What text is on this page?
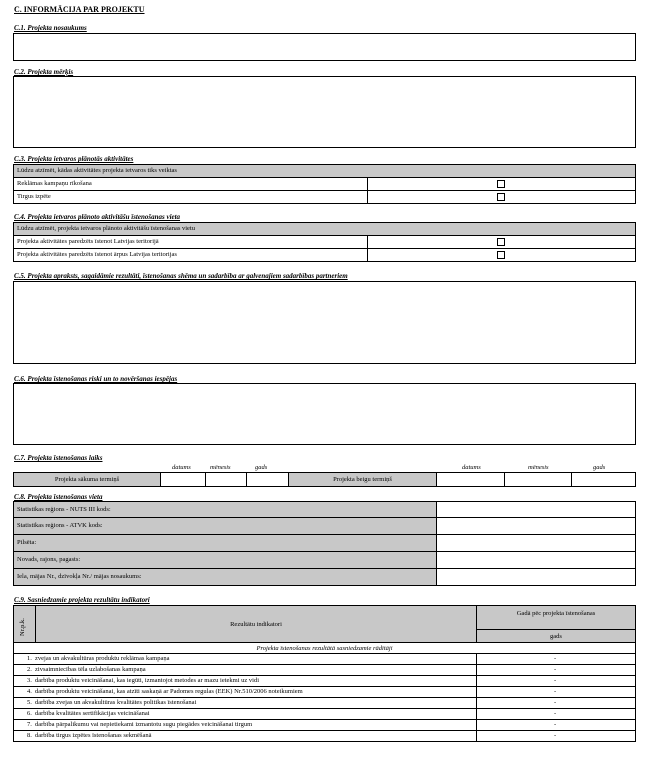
C. INFORMĀCIJA PAR PROJEKTU
C.1. Projekta nosaukums
C.2. Projekta mērķis
C.3. Projekta ietvaros plānotās aktivitātes
Lūdzu atzīmēt, kādas aktivitātes projekta ietvaros tiks veiktas
Reklāmas kampaņu rīkošana
Tirgus izpēte
C.4. Projekta ietvaros plānoto aktivitāšu īstenošanas vieta
Lūdzu atzīmēt, projekta ietvaros plānoto aktivitāšu īstenošanas vietu
Projekta aktivitātes paredzēts īstenot Latvijas teritorijā
Projekta aktivitātes paredzēts īstenot ārpus Latvijas teritorijas
C.5. Projekta apraksts, sagaidāmie rezultāti, īstenošanas shēma un sadarbība ar galvenajiem sadarbības partneriem
C.6. Projekta īstenošanas riski un to novēršanas iespējas
C.7. Projekta īstenošanas laiks
datums	mēnesis	gads	datums	mēnesis	gads
Projekta sākuma termiņš	Projekta beigu termiņš
C.8. Projekta īstenošanas vieta
Statistikas reģions - NUTS III kods:
Statistikas reģions - ATVK kods:
Pilsēta:
Novads, rajons, pagasts:
Iela, mājas Nr., dzīvokļa Nr./ mājas nosaukums:
C.9. Sasniedzamie projekta rezultātu indikatori
Nr.p.k.	Rezultātu indikatori
Gadā pēc projekta īstenošanas
gads
Projekta īstenošanas rezultātā sasniedzamie rādītāji
1. zvejas un akvakultūras produktu reklāmas kampaņa	-
2. zivsaimniecības tēla uzlabošanas kampaņa	-
3. darbība produktu veicināšanai, kas iegūti, izmantojot metodes ar mazu ietekmi uz vidi	-
4. darbība produktu veicināšanai, kas atzīti saskaņā ar Padomes regulas (EEK) Nr.510/2006 noteikumiem	-
5. darbība zvejas un akvakultūras kvalitātes politikas īstenošanai	-
6. darbība kvalitātes sertifikācijas veicināšanai	-
7. darbība pārpalikumu vai nepietiekami izmantotu sugu piegādes veicināšanai tirgum	-
8. darbība tirgus izpētes īstenošanas sekmēšanā	-
